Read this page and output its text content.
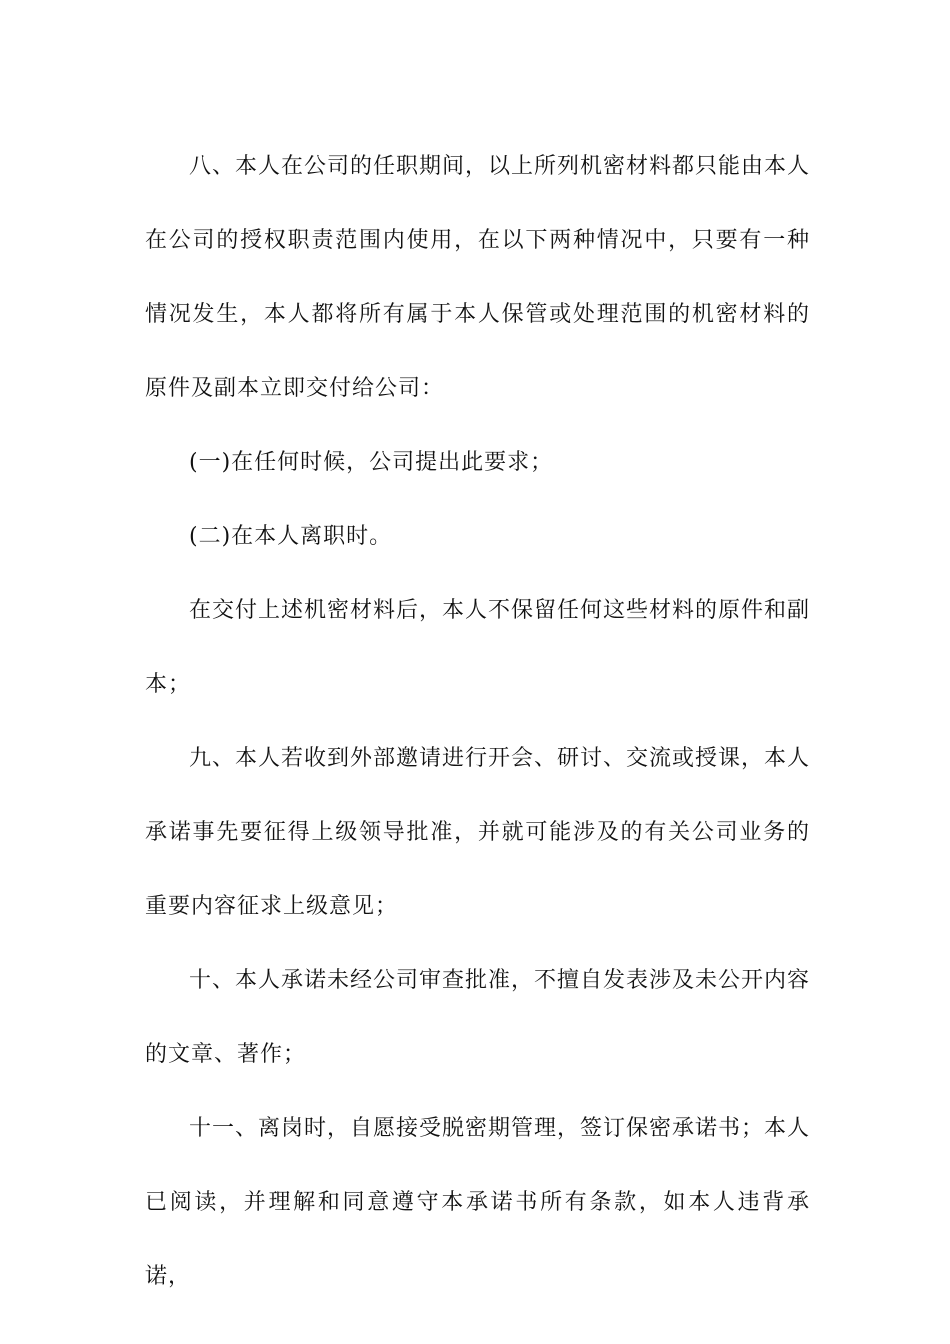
八、本人在公司的任职期间，以上所列机密材料都只能由本人在公司的授权职责范围内使用，在以下两种情况中，只要有一种情况发生，本人都将所有属于本人保管或处理范围的机密材料的原件及副本立即交付给公司：

(一)在任何时候，公司提出此要求；

(二)在本人离职时。

在交付上述机密材料后，本人不保留任何这些材料的原件和副本；

九、本人若收到外部邀请进行开会、研讨、交流或授课，本人承诺事先要征得上级领导批准，并就可能涉及的有关公司业务的重要内容征求上级意见；

十、本人承诺未经公司审查批准，不擅自发表涉及未公开内容的文章、著作；

十一、离岗时，自愿接受脱密期管理，签订保密承诺书；本人已阅读，并理解和同意遵守本承诺书所有条款，如本人违背承诺，
